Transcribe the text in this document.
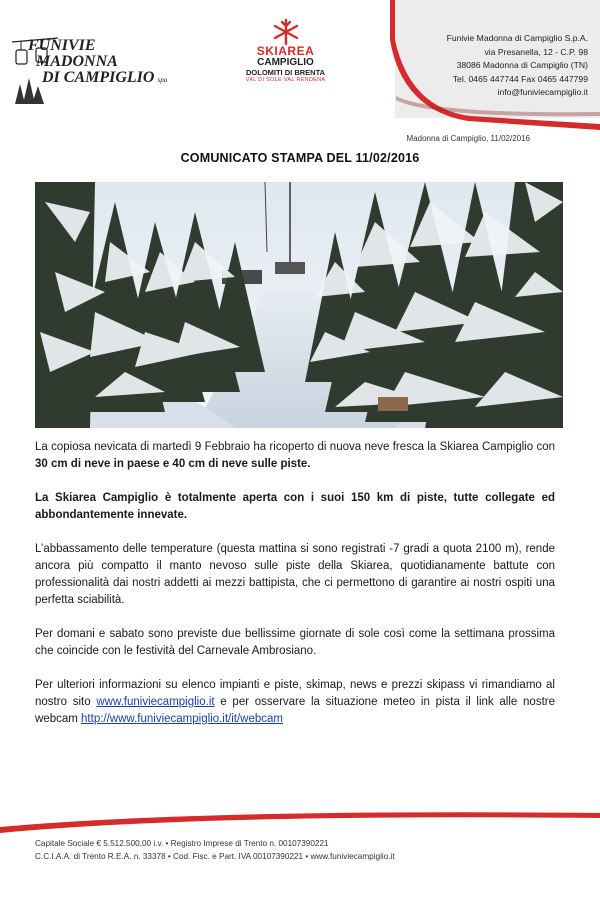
FUNIVIE
MADONNA
DI CAMPIGLIO spa
SKIAREA
CAMPIGLIO
DOLOMITI DI BRENTA
VAL DI SOLE VAL RENDENA
Funivie Madonna di Campiglio S.p.A.
via Presanella, 12 - C.P. 98
38086 Madonna di Campiglio (TN)
Tel. 0465 447744 Fax 0465 447799
info@funiviecampiglio.it
Madonna di Campiglio, 11/02/2016
COMUNICATO STAMPA DEL 11/02/2016

La copiosa nevicata di martedì 9 Febbraio ha ricoperto di nuova neve fresca la Skiarea Campiglio con 30 cm di neve in paese e 40 cm di neve sulle piste.

La Skiarea Campiglio è totalmente aperta con i suoi 150 km di piste, tutte collegate ed abbondantemente innevate.

L’abbassamento delle temperature (questa mattina si sono registrati -7 gradi a quota 2100 m), rende ancora più compatto il manto nevoso sulle piste della Skiarea, quotidianamente battute con professionalità dai nostri addetti ai mezzi battipista, che ci permettono di garantire ai nostri ospiti una perfetta sciabilità.

Per domani e sabato sono previste due bellissime giornate di sole così come la settimana prossima che coincide con le festività del Carnevale Ambrosiano.

Per ulteriori informazioni su elenco impianti e piste, skimap, news e prezzi skipass vi rimandiamo al nostro sito www.funiviecampiglio.it e per osservare la situazione meteo in pista il link alle nostre webcam http://www.funiviecampiglio.it/it/webcam

Capitale Sociale € 5.512.500,00 i.v. • Registro Imprese di Trento n. 00107390221
C.C.I.A.A. di Trento R.E.A. n. 33378 • Cod. Fisc. e Part. IVA 00107390221 • www.funiviecampiglio.it
